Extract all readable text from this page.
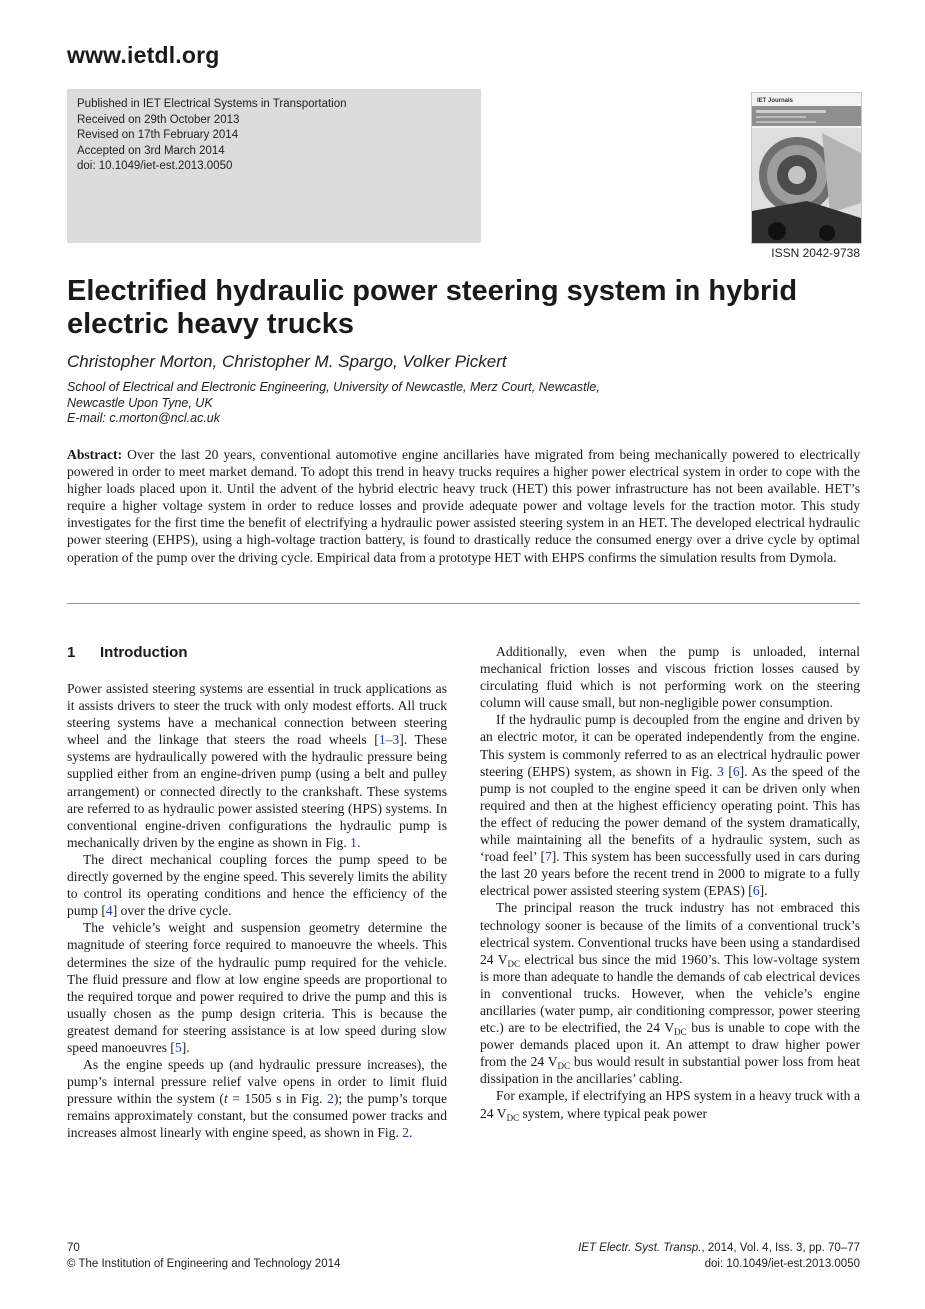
www.ietdl.org
Published in IET Electrical Systems in Transportation
Received on 29th October 2013
Revised on 17th February 2014
Accepted on 3rd March 2014
doi: 10.1049/iet-est.2013.0050
IET Journals
ISSN 2042-9738
Electrified hydraulic power steering system in hybrid electric heavy trucks
Christopher Morton, Christopher M. Spargo, Volker Pickert
School of Electrical and Electronic Engineering, University of Newcastle, Merz Court, Newcastle,
Newcastle Upon Tyne, UK
E-mail: c.morton@ncl.ac.uk
Abstract: Over the last 20 years, conventional automotive engine ancillaries have migrated from being mechanically powered to electrically powered in order to meet market demand. To adopt this trend in heavy trucks requires a higher power electrical system in order to cope with the higher loads placed upon it. Until the advent of the hybrid electric heavy truck (HET) this power infrastructure has not been available. HET’s require a higher voltage system in order to reduce losses and provide adequate power and voltage levels for the traction motor. This study investigates for the first time the benefit of electrifying a hydraulic power assisted steering system in an HET. The developed electrical hydraulic power steering (EHPS), using a high-voltage traction battery, is found to drastically reduce the consumed energy over a drive cycle by optimal operation of the pump over the driving cycle. Empirical data from a prototype HET with EHPS confirms the simulation results from Dymola.
1 Introduction

Power assisted steering systems are essential in truck applications as it assists drivers to steer the truck with only modest efforts. All truck steering systems have a mechanical connection between steering wheel and the linkage that steers the road wheels [1–3]. These systems are hydraulically powered with the hydraulic pressure being supplied either from an engine-driven pump (using a belt and pulley arrangement) or connected directly to the crankshaft. These systems are referred to as hydraulic power assisted steering (HPS) systems. In conventional engine-driven configurations the hydraulic pump is mechanically driven by the engine as shown in Fig. 1.

The direct mechanical coupling forces the pump speed to be directly governed by the engine speed. This severely limits the ability to control its operating conditions and hence the efficiency of the pump [4] over the drive cycle.

The vehicle’s weight and suspension geometry determine the magnitude of steering force required to manoeuvre the wheels. This determines the size of the hydraulic pump required for the vehicle. The fluid pressure and flow at low engine speeds are proportional to the required torque and power required to drive the pump and this is usually chosen as the pump design criteria. This is because the greatest demand for steering assistance is at low speed during slow speed manoeuvres [5].

As the engine speeds up (and hydraulic pressure increases), the pump’s internal pressure relief valve opens in order to limit fluid pressure within the system (t = 1505 s in Fig. 2); the pump’s torque remains approximately constant, but the consumed power tracks and increases almost linearly with engine speed, as shown in Fig. 2.

Additionally, even when the pump is unloaded, internal mechanical friction losses and viscous friction losses caused by circulating fluid which is not performing work on the steering column will cause small, but non-negligible power consumption.

If the hydraulic pump is decoupled from the engine and driven by an electric motor, it can be operated independently from the engine. This system is commonly referred to as an electrical hydraulic power steering (EHPS) system, as shown in Fig. 3 [6]. As the speed of the pump is not coupled to the engine speed it can be driven only when required and then at the highest efficiency operating point. This has the effect of reducing the power demand of the system dramatically, while maintaining all the benefits of a hydraulic system, such as ‘road feel’ [7]. This system has been successfully used in cars during the last 20 years before the recent trend in 2000 to migrate to a fully electrical power assisted steering system (EPAS) [6].

The principal reason the truck industry has not embraced this technology sooner is because of the limits of a conventional truck’s electrical system. Conventional trucks have been using a standardised 24 $V_{DC}$ electrical bus since the mid 1960’s. This low-voltage system is more than adequate to handle the demands of cab electrical devices in conventional trucks. However, when the vehicle’s engine ancillaries (water pump, air conditioning compressor, power steering etc.) are to be electrified, the 24 $V_{DC}$ bus is unable to cope with the power demands placed upon it. An attempt to draw higher power from the 24 $V_{DC}$ bus would result in substantial power loss from heat dissipation in the ancillaries’ cabling.

For example, if electrifying an HPS system in a heavy truck with a 24 $V_{DC}$ system, where typical peak power

70
© The Institution of Engineering and Technology 2014
IET Electr. Syst. Transp., 2014, Vol. 4, Iss. 3, pp. 70–77
doi: 10.1049/iet-est.2013.0050
